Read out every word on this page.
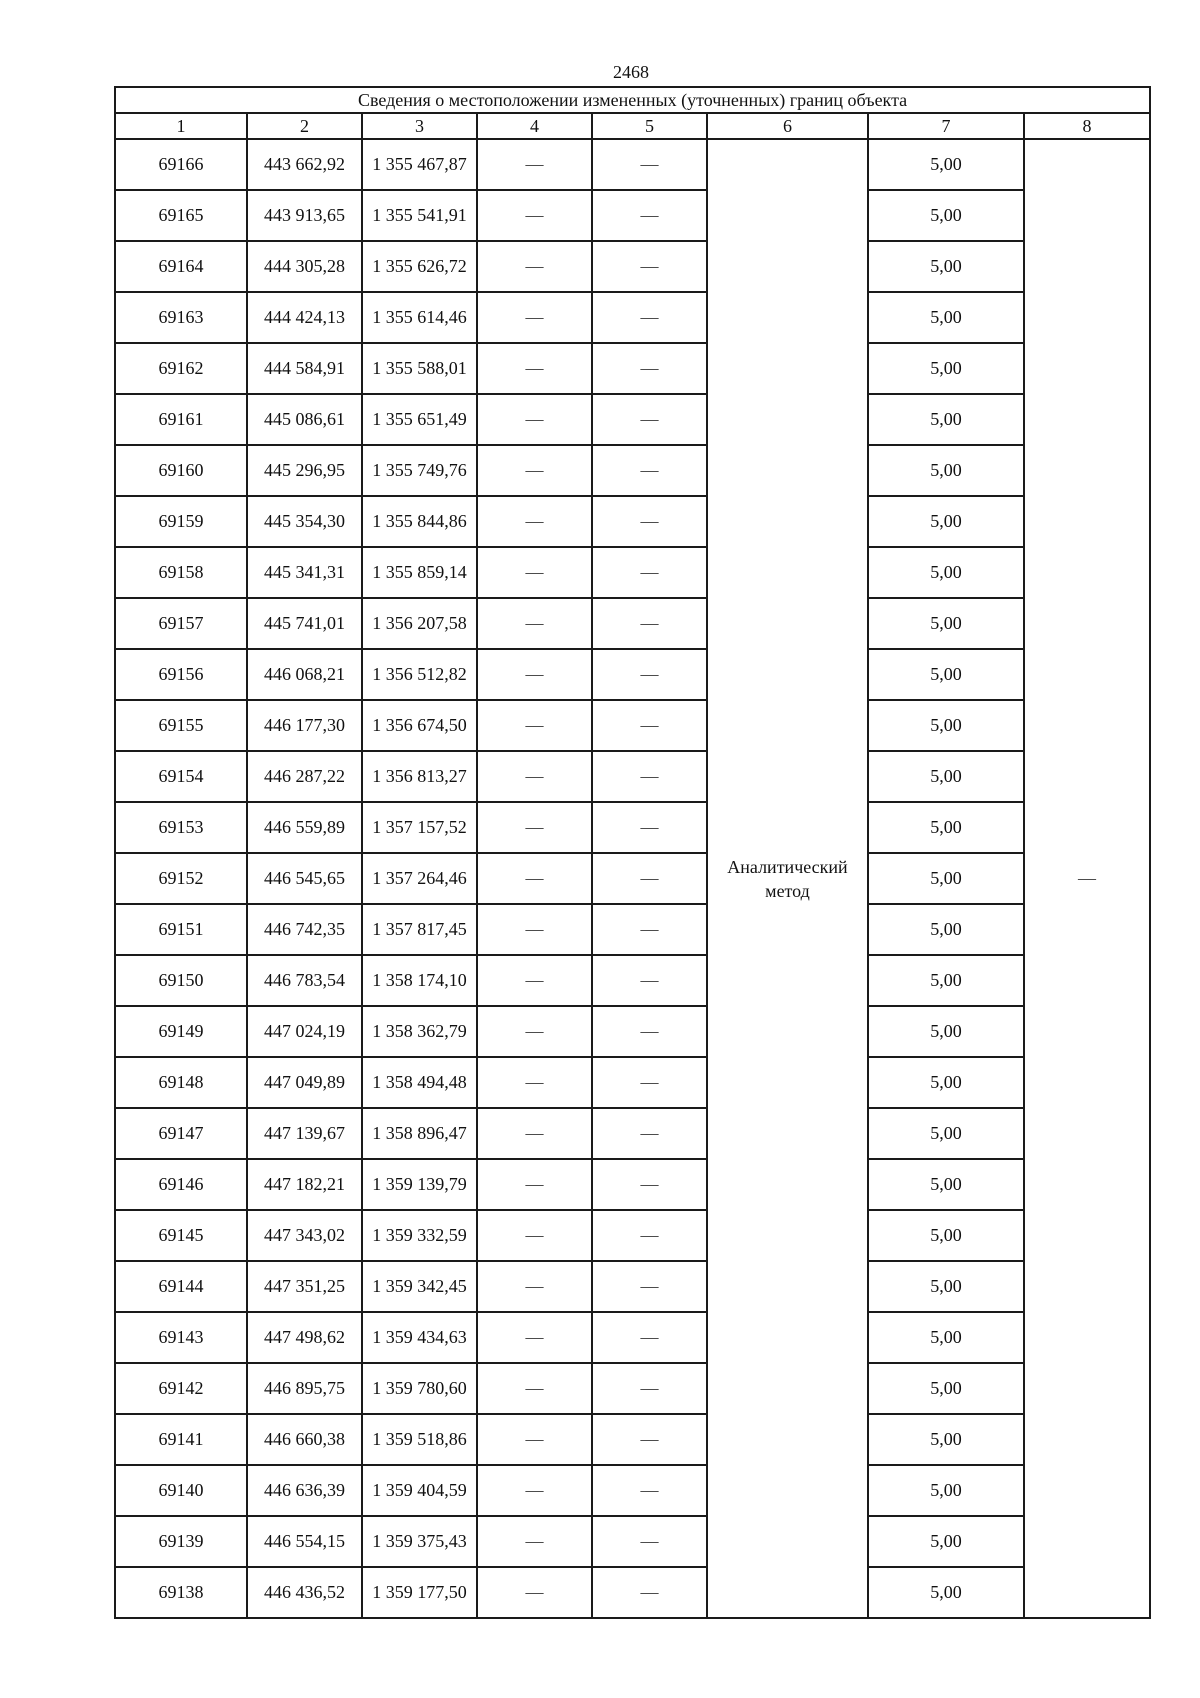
2468
Сведения о местоположении измененных (уточненных) границ объекта							
1	2	3	4	5	6	7	8
69166	443 662,92	1 355 467,87	—	—	Аналитический метод	5,00	—
69165	443 913,65	1 355 541,91	—	—		5,00	
69164	444 305,28	1 355 626,72	—	—		5,00	
69163	444 424,13	1 355 614,46	—	—		5,00	
69162	444 584,91	1 355 588,01	—	—		5,00	
69161	445 086,61	1 355 651,49	—	—		5,00	
69160	445 296,95	1 355 749,76	—	—		5,00	
69159	445 354,30	1 355 844,86	—	—		5,00	
69158	445 341,31	1 355 859,14	—	—		5,00	
69157	445 741,01	1 356 207,58	—	—		5,00	
69156	446 068,21	1 356 512,82	—	—		5,00	
69155	446 177,30	1 356 674,50	—	—		5,00	
69154	446 287,22	1 356 813,27	—	—		5,00	
69153	446 559,89	1 357 157,52	—	—		5,00	
69152	446 545,65	1 357 264,46	—	—		5,00	
69151	446 742,35	1 357 817,45	—	—		5,00	
69150	446 783,54	1 358 174,10	—	—		5,00	
69149	447 024,19	1 358 362,79	—	—		5,00	
69148	447 049,89	1 358 494,48	—	—		5,00	
69147	447 139,67	1 358 896,47	—	—		5,00	
69146	447 182,21	1 359 139,79	—	—		5,00	
69145	447 343,02	1 359 332,59	—	—		5,00	
69144	447 351,25	1 359 342,45	—	—		5,00	
69143	447 498,62	1 359 434,63	—	—		5,00	
69142	446 895,75	1 359 780,60	—	—		5,00	
69141	446 660,38	1 359 518,86	—	—		5,00	
69140	446 636,39	1 359 404,59	—	—		5,00	
69139	446 554,15	1 359 375,43	—	—		5,00	
69138	446 436,52	1 359 177,50	—	—		5,00	
